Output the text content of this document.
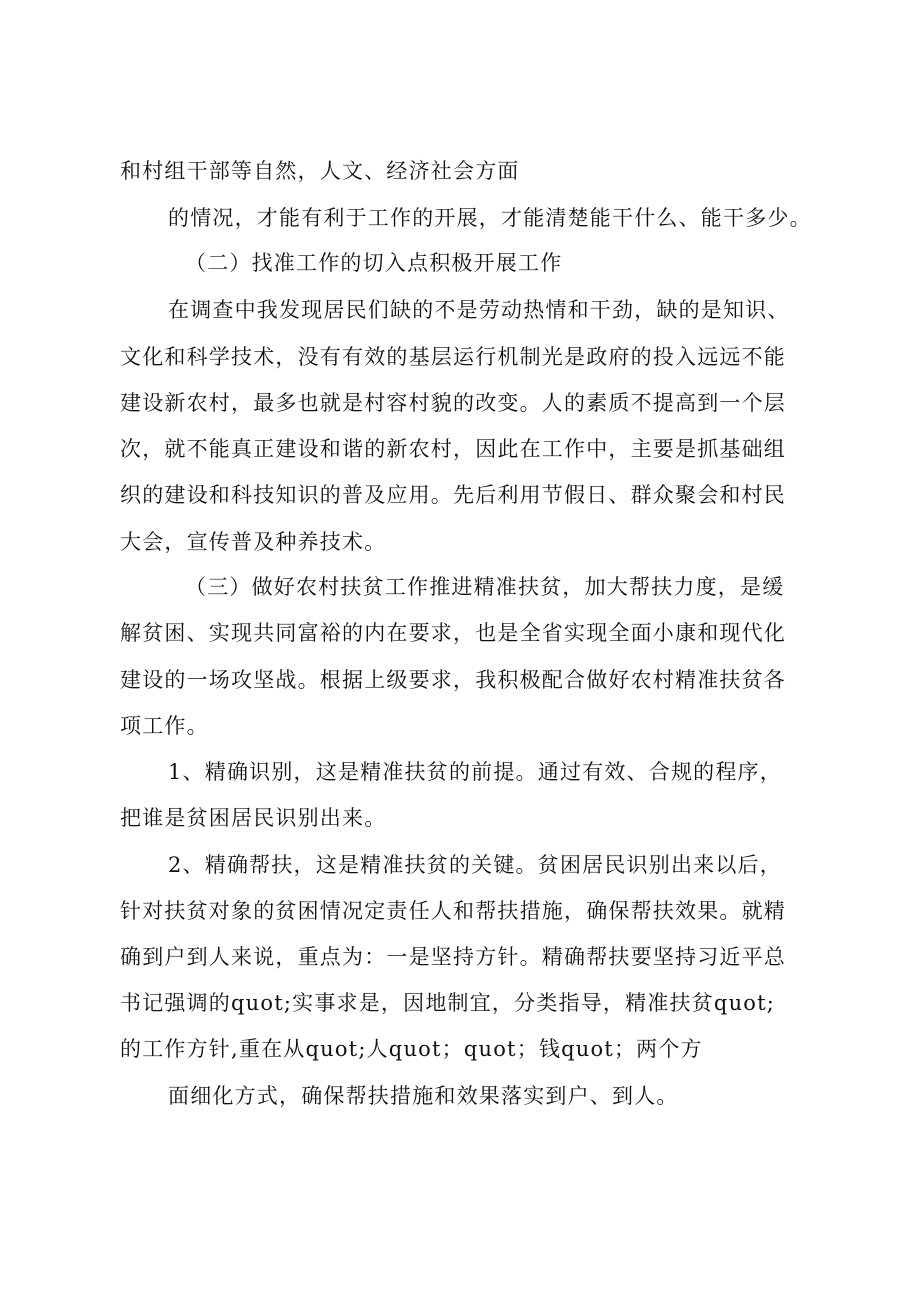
和村组干部等自然，人文、经济社会方面

的情况，才能有利于工作的开展，才能清楚能干什么、能干多少。

（二）找准工作的切入点积极开展工作

在调查中我发现居民们缺的不是劳动热情和干劲，缺的是知识、

文化和科学技术，没有有效的基层运行机制光是政府的投入远远不能

建设新农村，最多也就是村容村貌的改变。人的素质不提高到一个层

次，就不能真正建设和谐的新农村，因此在工作中，主要是抓基础组

织的建设和科技知识的普及应用。先后利用节假日、群众聚会和村民

大会，宣传普及种养技术。

（三）做好农村扶贫工作推进精准扶贫，加大帮扶力度，是缓

解贫困、实现共同富裕的内在要求，也是全省实现全面小康和现代化

建设的一场攻坚战。根据上级要求，我积极配合做好农村精准扶贫各

项工作。

1、精确识别，这是精准扶贫的前提。通过有效、合规的程序，

把谁是贫困居民识别出来。

2、精确帮扶，这是精准扶贫的关键。贫困居民识别出来以后，

针对扶贫对象的贫困情况定责任人和帮扶措施，确保帮扶效果。就精

确到户到人来说，重点为：一是坚持方针。精确帮扶要坚持习近平总

书记强调的quot;实事求是，因地制宜，分类指导，精准扶贫quot;

的工作方针,重在从quot;人quot；quot；钱quot；两个方

面细化方式，确保帮扶措施和效果落实到户、到人。
